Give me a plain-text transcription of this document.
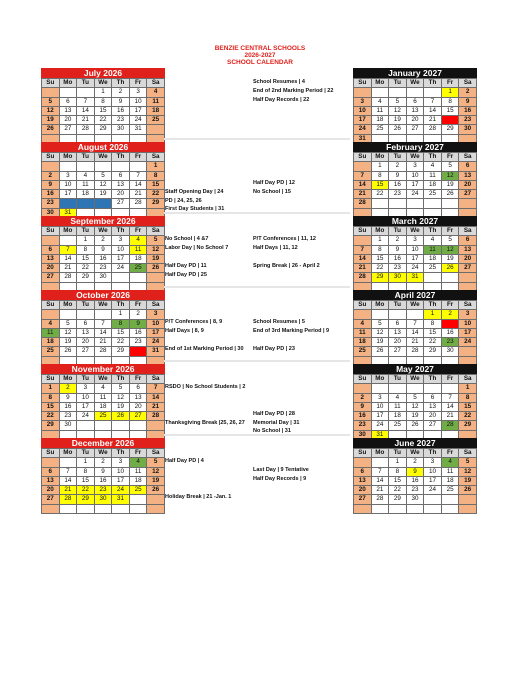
BENZIE CENTRAL SCHOOLS
2026-2027
SCHOOL CALENDAR
July 2026
Su	Mo	Tu	We	Th	Fr	Sa
			1	2	3	4
5	6	7	8	9	10	11
12	13	14	15	16	17	18
19	20	21	22	23	24	25
26	27	28	29	30	31	

August 2026
Su	Mo	Tu	We	Th	Fr	Sa
						1
2	3	4	5	6	7	8
9	10	11	12	13	14	15
16	17	18	19	20	21	22
23	24	25	26	27	28	29
30	31					
September 2026
Su	Mo	Tu	We	Th	Fr	Sa
		1	2	3	4	5
6	7	8	9	10	11	12
13	14	15	16	17	18	19
20	21	22	23	24	25	26
27	28	29	30			

October 2026
Su	Mo	Tu	We	Th	Fr	Sa
				1	2	3
4	5	6	7	8	9	10
11	12	13	14	15	16	17
18	19	20	21	22	23	24
25	26	27	28	29	30	31

November 2026
Su	Mo	Tu	We	Th	Fr	Sa
1	2	3	4	5	6	7
8	9	10	11	12	13	14
15	16	17	18	19	20	21
22	23	24	25	26	27	28
29	30					

December 2026
Su	Mo	Tu	We	Th	Fr	Sa
		1	2	3	4	5
6	7	8	9	10	11	12
13	14	15	16	17	18	19
20	21	22	23	24	25	26
27	28	29	30	31		

January 2027
Su	Mo	Tu	We	Th	Fr	Sa
					1	2
3	4	5	6	7	8	9
10	11	12	13	14	15	16
17	18	19	20	21	22	23
24	25	26	27	28	29	30
31						
February 2027
Su	Mo	Tu	We	Th	Fr	Sa
	1	2	3	4	5	6
7	8	9	10	11	12	13
14	15	16	17	18	19	20
21	22	23	24	25	26	27
28						

March 2027
Su	Mo	Tu	We	Th	Fr	Sa
	1	2	3	4	5	6
7	8	9	10	11	12	13
14	15	16	17	18	19	20
21	22	23	24	25	26	27
28	29	30	31			

April 2027
Su	Mo	Tu	We	Th	Fr	Sa
				1	2	3
4	5	6	7	8	9	10
11	12	13	14	15	16	17
18	19	20	21	22	23	24
25	26	27	28	29	30	

May 2027
Su	Mo	Tu	We	Th	Fr	Sa
						1
2	3	4	5	6	7	8
9	10	11	12	13	14	15
16	17	18	19	20	21	22
23	24	25	26	27	28	29
30	31					
June 2027
Su	Mo	Tu	We	Th	Fr	Sa
		1	2	3	4	5
6	7	8	9	10	11	12
13	14	15	16	17	18	19
20	21	22	23	24	25	26
27	28	29	30			

School Resumes | 4
End of 2nd Marking Period | 22
Half Day Records | 22
Half Day PD | 12
No School | 15
Staff Opening Day | 24
PD | 24, 25, 26
First Day Students | 31
No School | 4 &7
Labor Day | No School 7
P/T Conferences | 11, 12
Half Days | 11, 12
Half Day PD | 11	Spring Break | 26 - April 2
Half Day PD | 25
P/T Conferences | 8, 9
Half Days | 8, 9
School Resumes | 5
End of 3rd Marking Period | 9
End of 1st Marking Period | 30 Half Day PD | 23
RSDO | No School Students | 2
Half Day PD | 28
Thanksgiving Break |25, 26, 27 Memorial Day | 31
No School | 31
Half Day PD | 4
Last Day | 9 Tentative
Half Day Records | 9
Holiday Break | 21 -Jan. 1
